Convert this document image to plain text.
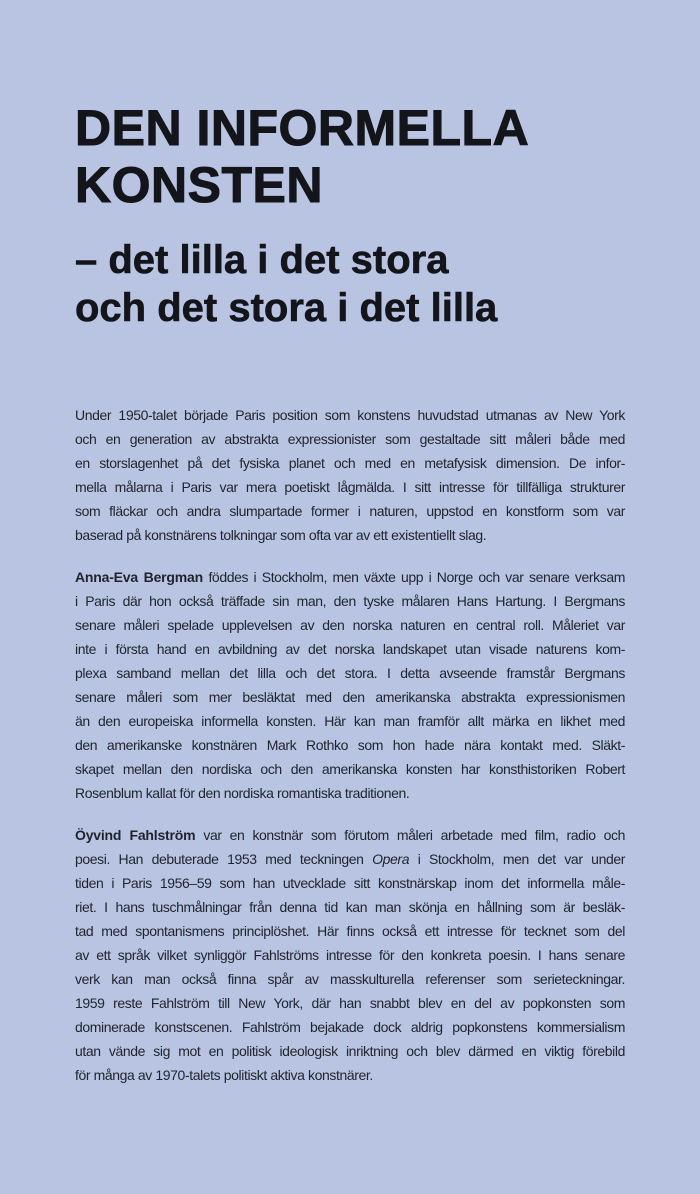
DEN INFORMELLA
KONSTEN
– det lilla i det stora
och det stora i det lilla
Under 1950-talet började Paris position som konstens huvudstad utmanas av New York
och en generation av abstrakta expressionister som gestaltade sitt måleri både med
en storslagenhet på det fysiska planet och med en metafysisk dimension. De infor-
mella målarna i Paris var mera poetiskt lågmälda. I sitt intresse för tillfälliga strukturer
som fläckar och andra slumpartade former i naturen, uppstod en konstform som var
baserad på konstnärens tolkningar som ofta var av ett existentiellt slag.
Anna-Eva Bergman föddes i Stockholm, men växte upp i Norge och var senare verksam
i Paris där hon också träffade sin man, den tyske målaren Hans Hartung. I Bergmans
senare måleri spelade upplevelsen av den norska naturen en central roll. Måleriet var
inte i första hand en avbildning av det norska landskapet utan visade naturens kom-
plexa samband mellan det lilla och det stora. I detta avseende framstår Bergmans
senare måleri som mer besläktat med den amerikanska abstrakta expressionismen
än den europeiska informella konsten. Här kan man framför allt märka en likhet med
den amerikanske konstnären Mark Rothko som hon hade nära kontakt med. Släkt-
skapet mellan den nordiska och den amerikanska konsten har konsthistoriken Robert
Rosenblum kallat för den nordiska romantiska traditionen.
Öyvind Fahlström var en konstnär som förutom måleri arbetade med film, radio och
poesi. Han debuterade 1953 med teckningen Opera i Stockholm, men det var under
tiden i Paris 1956–59 som han utvecklade sitt konstnärskap inom det informella måle-
riet. I hans tuschmålningar från denna tid kan man skönja en hållning som är besläk-
tad med spontanismens principlöshet. Här finns också ett intresse för tecknet som del
av ett språk vilket synliggör Fahlströms intresse för den konkreta poesin. I hans senare
verk kan man också finna spår av masskulturella referenser som serieteckningar.
1959 reste Fahlström till New York, där han snabbt blev en del av popkonsten som
dominerade konstscenen. Fahlström bejakade dock aldrig popkonstens kommersialism
utan vände sig mot en politisk ideologisk inriktning och blev därmed en viktig förebild
för många av 1970-talets politiskt aktiva konstnärer.
